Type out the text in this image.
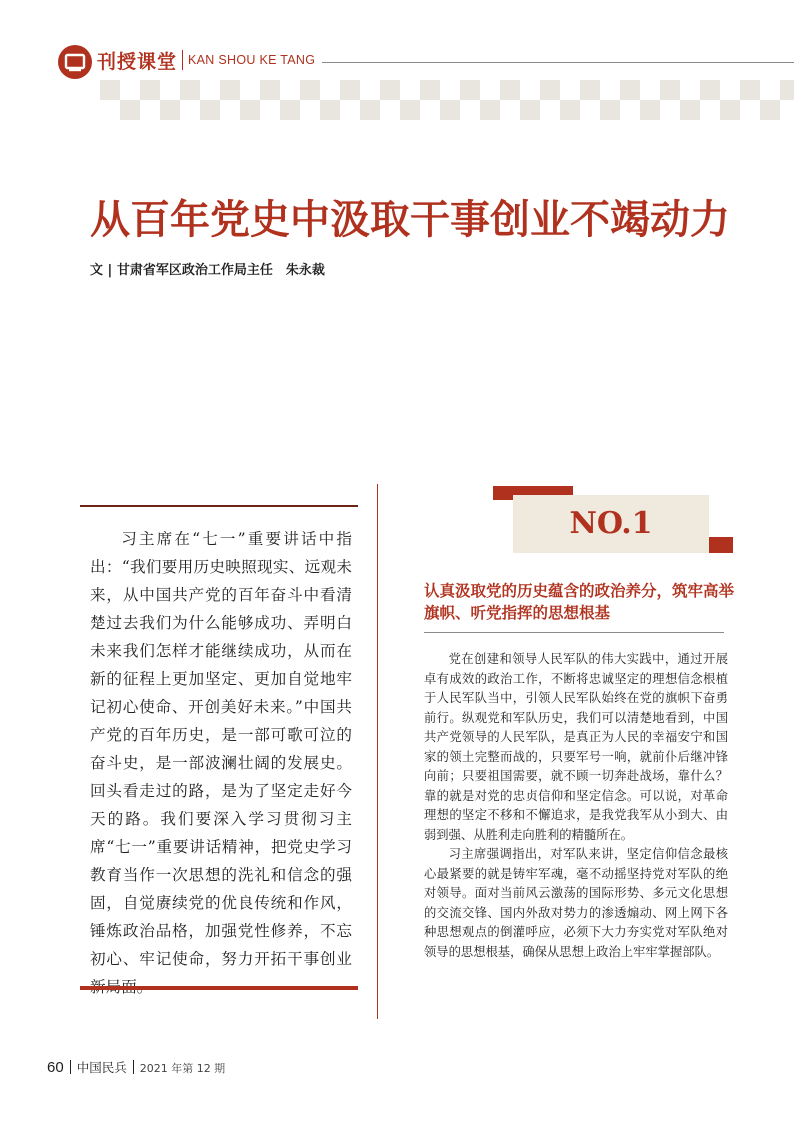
刊授课堂 KAN SHOU KE TANG
从百年党史中汲取干事创业不竭动力
文 | 甘肃省军区政治工作局主任　朱永裁

习主席在“七一”重要讲话中指出：“我们要用历史映照现实、远观未来，从中国共产党的百年奋斗中看清楚过去我们为什么能够成功、弄明白未来我们怎样才能继续成功，从而在新的征程上更加坚定、更加自觉地牢记初心使命、开创美好未来。”中国共产党的百年历史，是一部可歌可泣的奋斗史，是一部波澜壮阔的发展史。回头看走过的路，是为了坚定走好今天的路。我们要深入学习贯彻习主席“七一”重要讲话精神，把党史学习教育当作一次思想的洗礼和信念的强固，自觉赓续党的优良传统和作风，锤炼政治品格，加强党性修养，不忘初心、牢记使命，努力开拓干事创业

NO.1
认真汲取党的历史蕴含的政治养分，筑牢高举旗帜、听党指挥的思想根基

党在创建和领导人民军队的伟大实践中，通过开展卓有成效的政治工作，不断将忠诚坚定的理想信念根植于人民军队当中，引领人民军队始终在党的旗帜下奋勇前行。纵观党和军队历史，我们可以清楚地看到，中国共产党领导的人民军队，是真正为人民的幸福安宁和国家的领土完整而战的，只要军号一响，就前仆后继冲锋向前；只要祖国需要，就不顾一切奔赴战场，靠什么？靠的就是对党的忠贞信仰和坚定信念。可以说，对革命理想的坚定不移和不懈追求，是我党我军从小到大、由弱到强、从胜利走向胜利的精髓所在。

习主席强调指出，对军队来讲，坚定信仰信念最核心最紧要的就是铸牢军魂，毫不动摇坚持党对军队的绝对领导。面对当前风云激荡的国际形势、多元文化思想的交流交锋、国内外敌对势力的渗透煽动、网上网下各种思想观点的倒灌呼应，必须下大力夯实党对军队绝对领导的思想根基，确保从思想上政治上牢牢掌握部队。

60 中国民兵 2021 年第 12 期
